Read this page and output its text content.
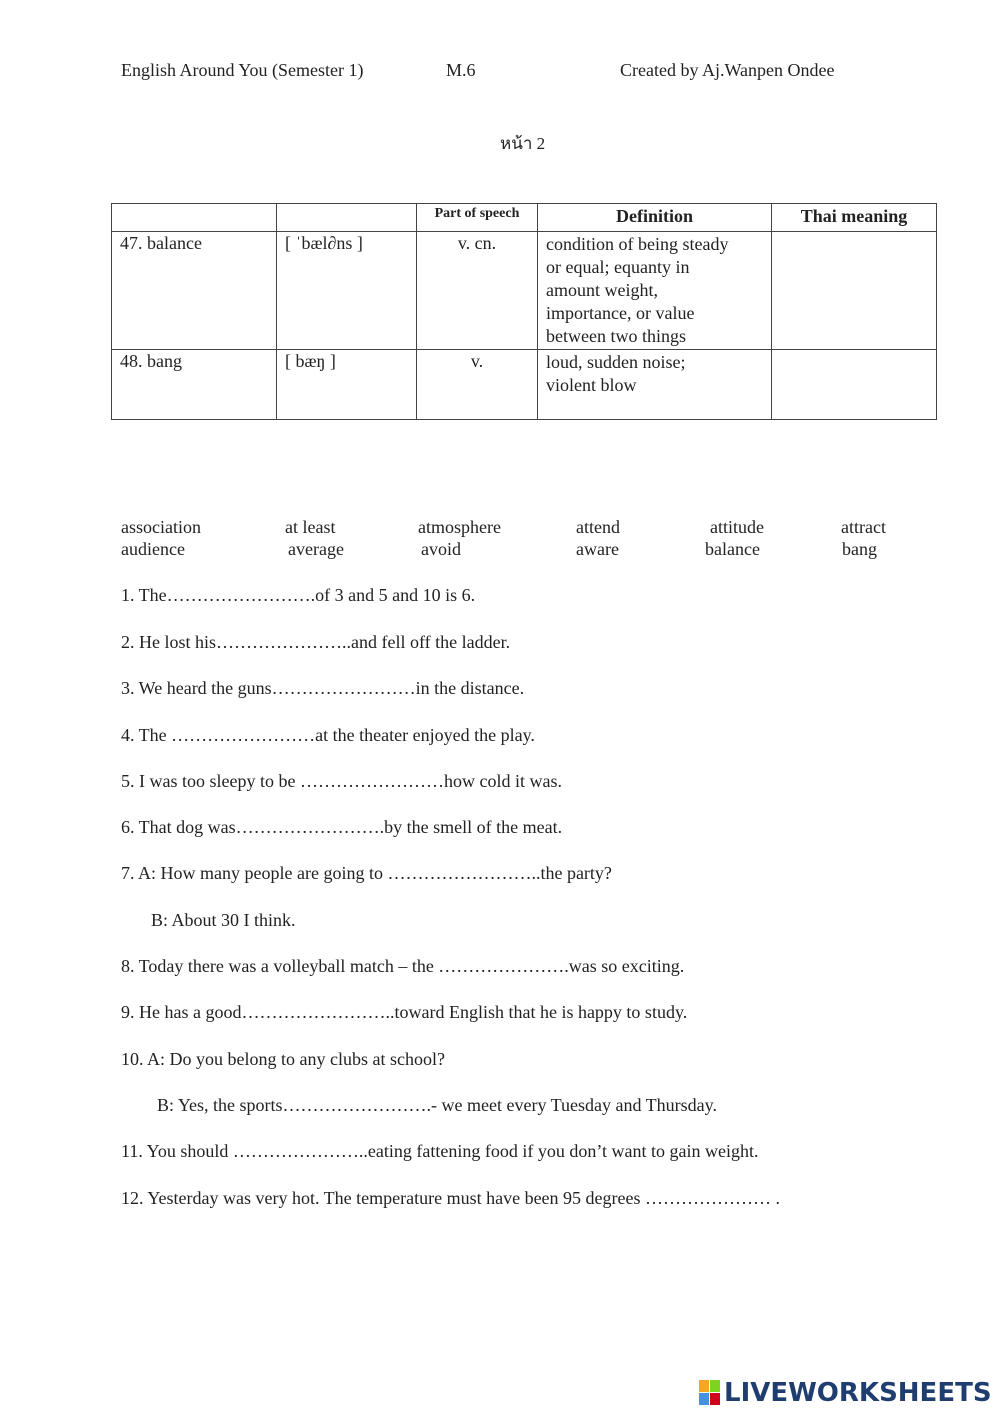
English Around You (Semester 1)	M.6	Created by Aj.Wanpen Ondee
หน้า 2
		Part of speech	Definition	Thai meaning
47. balance	[ ˈbæl∂ns ]	v. cn.	condition of being steady
or equal; equanty in
amount weight,
importance, or value
between two things	
48. bang	[ bæŋ ]	v.	loud, sudden noise;
violent blow	
association	at least	atmosphere	attend	attitude	attract
audience	average	avoid	aware	balance	bang
1. The…………………….of 3 and 5 and 10 is 6.
2. He lost his…………………..and fell off the ladder.
3. We heard the guns……………………in the distance.
4. The ……………………at the theater enjoyed the play.
5. I was too sleepy to be ……………………how cold it was.
6. That dog was…………………….by the smell of the meat.
7. A: How many people are going to ……………………..the party?
B: About 30 I think.
8. Today there was a volleyball match – the ………………….was so exciting.
9. He has a good……………………..toward English that he is happy to study.
10. A: Do you belong to any clubs at school?
B: Yes, the sports…………………….- we meet every Tuesday and Thursday.
11. You should …………………..eating fattening food if you don’t want to gain weight.
12. Yesterday was very hot. The temperature must have been 95 degrees ………………… .
LIVEWORKSHEETS
